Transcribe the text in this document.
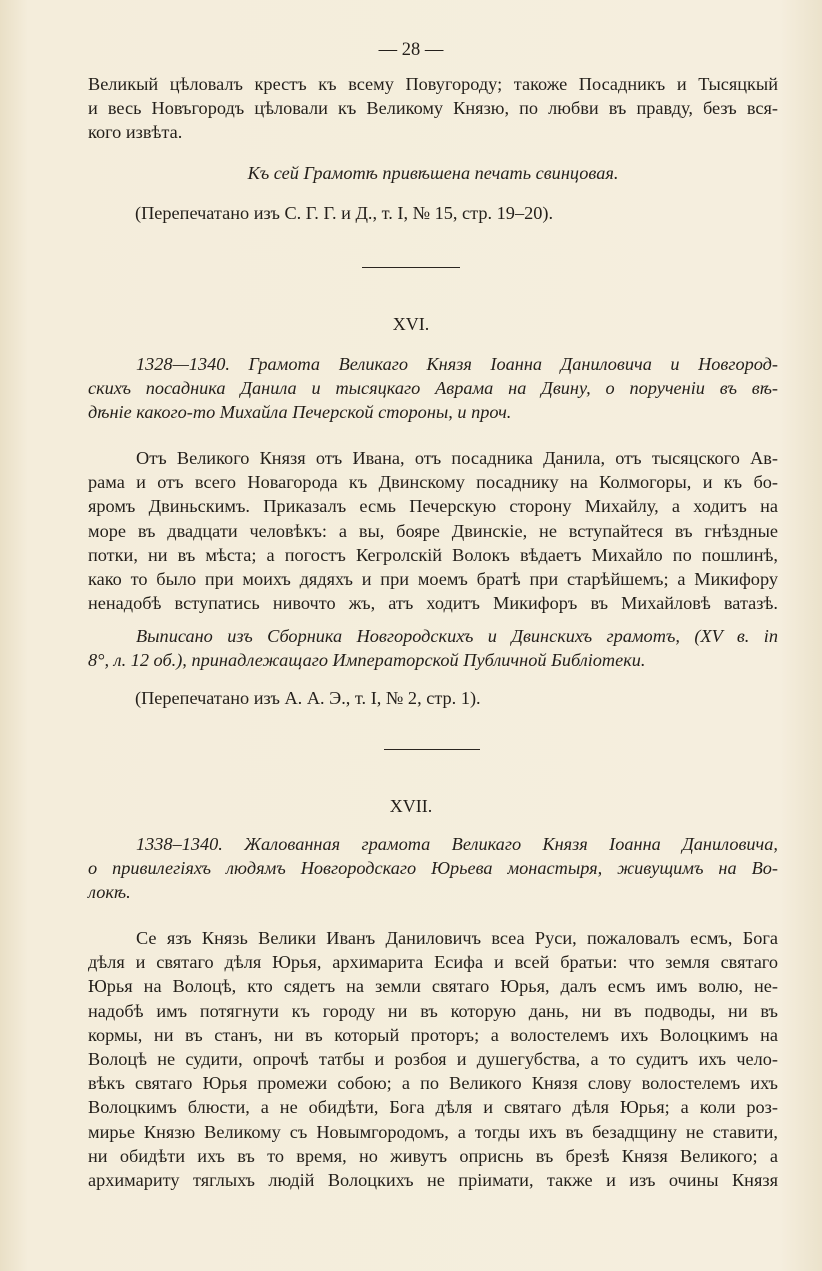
— 28 —
Великый цѣловалъ крестъ къ всему Повугороду; такоже Посадникъ и Тысяцкый
и весь Новъгородъ цѣловали къ Великому Князю, по любви въ правду, безъ вся-
кого извѣта.
Къ сей Грамотѣ привѣшена печать свинцовая.
(Перепечатано изъ С. Г. Г. и Д., т. I, № 15, стр. 19–20).
XVI.
1328—1340. Грамота Великаго Князя Іоанна Даниловича и Новгород-
скихъ посадника Данила и тысяцкаго Аврама на Двину, о порученіи въ вѣ-
дѣніе какого-то Михайла Печерской стороны, и проч.
Отъ Великого Князя отъ Ивана, отъ посадника Данила, отъ тысяцского Ав-
рама и отъ всего Новагорода къ Двинскому посаднику на Колмогоры, и къ бо-
яромъ Двиньскимъ. Приказалъ есмь Печерскую сторону Михайлу, а ходитъ на
море въ двадцати человѣкъ: а вы, бояре Двинскіе, не вступайтеся въ гнѣздные
потки, ни въ мѣста; а погостъ Кегролскій Волокъ вѣдаетъ Михайло по пошлинѣ,
како то было при моихъ дядяхъ и при моемъ братѣ при старѣйшемъ; а Микифору
ненадобѣ вступатись нивочто жъ, атъ ходитъ Микифоръ въ Михайловѣ ватазѣ.
Выписано изъ Сборника Новгородскихъ и Двинскихъ грамотъ, (XV в. in
8°, л. 12 об.), принадлежащаго Императорской Публичной Библіотеки.
(Перепечатано изъ А. А. Э., т. I, № 2, стр. 1).
XVII.
1338–1340. Жалованная грамота Великаго Князя Іоанна Даниловича,
о привилегіяхъ людямъ Новгородскаго Юрьева монастыря, живущимъ на Во-
локѣ.
Се язъ Князь Велики Иванъ Даниловичъ всеа Руси, пожаловалъ есмъ, Бога
дѣля и святаго дѣля Юрья, архимарита Есифа и всей братьи: что земля святаго
Юрья на Волоцѣ, кто сядетъ на земли святаго Юрья, далъ есмъ имъ волю, не-
надобѣ имъ потягнути къ городу ни въ которую дань, ни въ подводы, ни въ
кормы, ни въ станъ, ни въ который проторъ; а волостелемъ ихъ Волоцкимъ на
Волоцѣ не судити, опрочѣ татбы и розбоя и душегубства, а то судитъ ихъ чело-
вѣкъ святаго Юрья промежи собою; а по Великого Князя слову волостелемъ ихъ
Волоцкимъ блюсти, а не обидѣти, Бога дѣля и святаго дѣля Юрья; а коли роз-
мирье Князю Великому съ Новымгородомъ, а тогды ихъ въ безадщину не ставити,
ни обидѣти ихъ въ то время, но живутъ оприснь въ брезѣ Князя Великого; а
архимариту тяглыхъ людій Волоцкихъ не пріимати, также и изъ очины Князя
